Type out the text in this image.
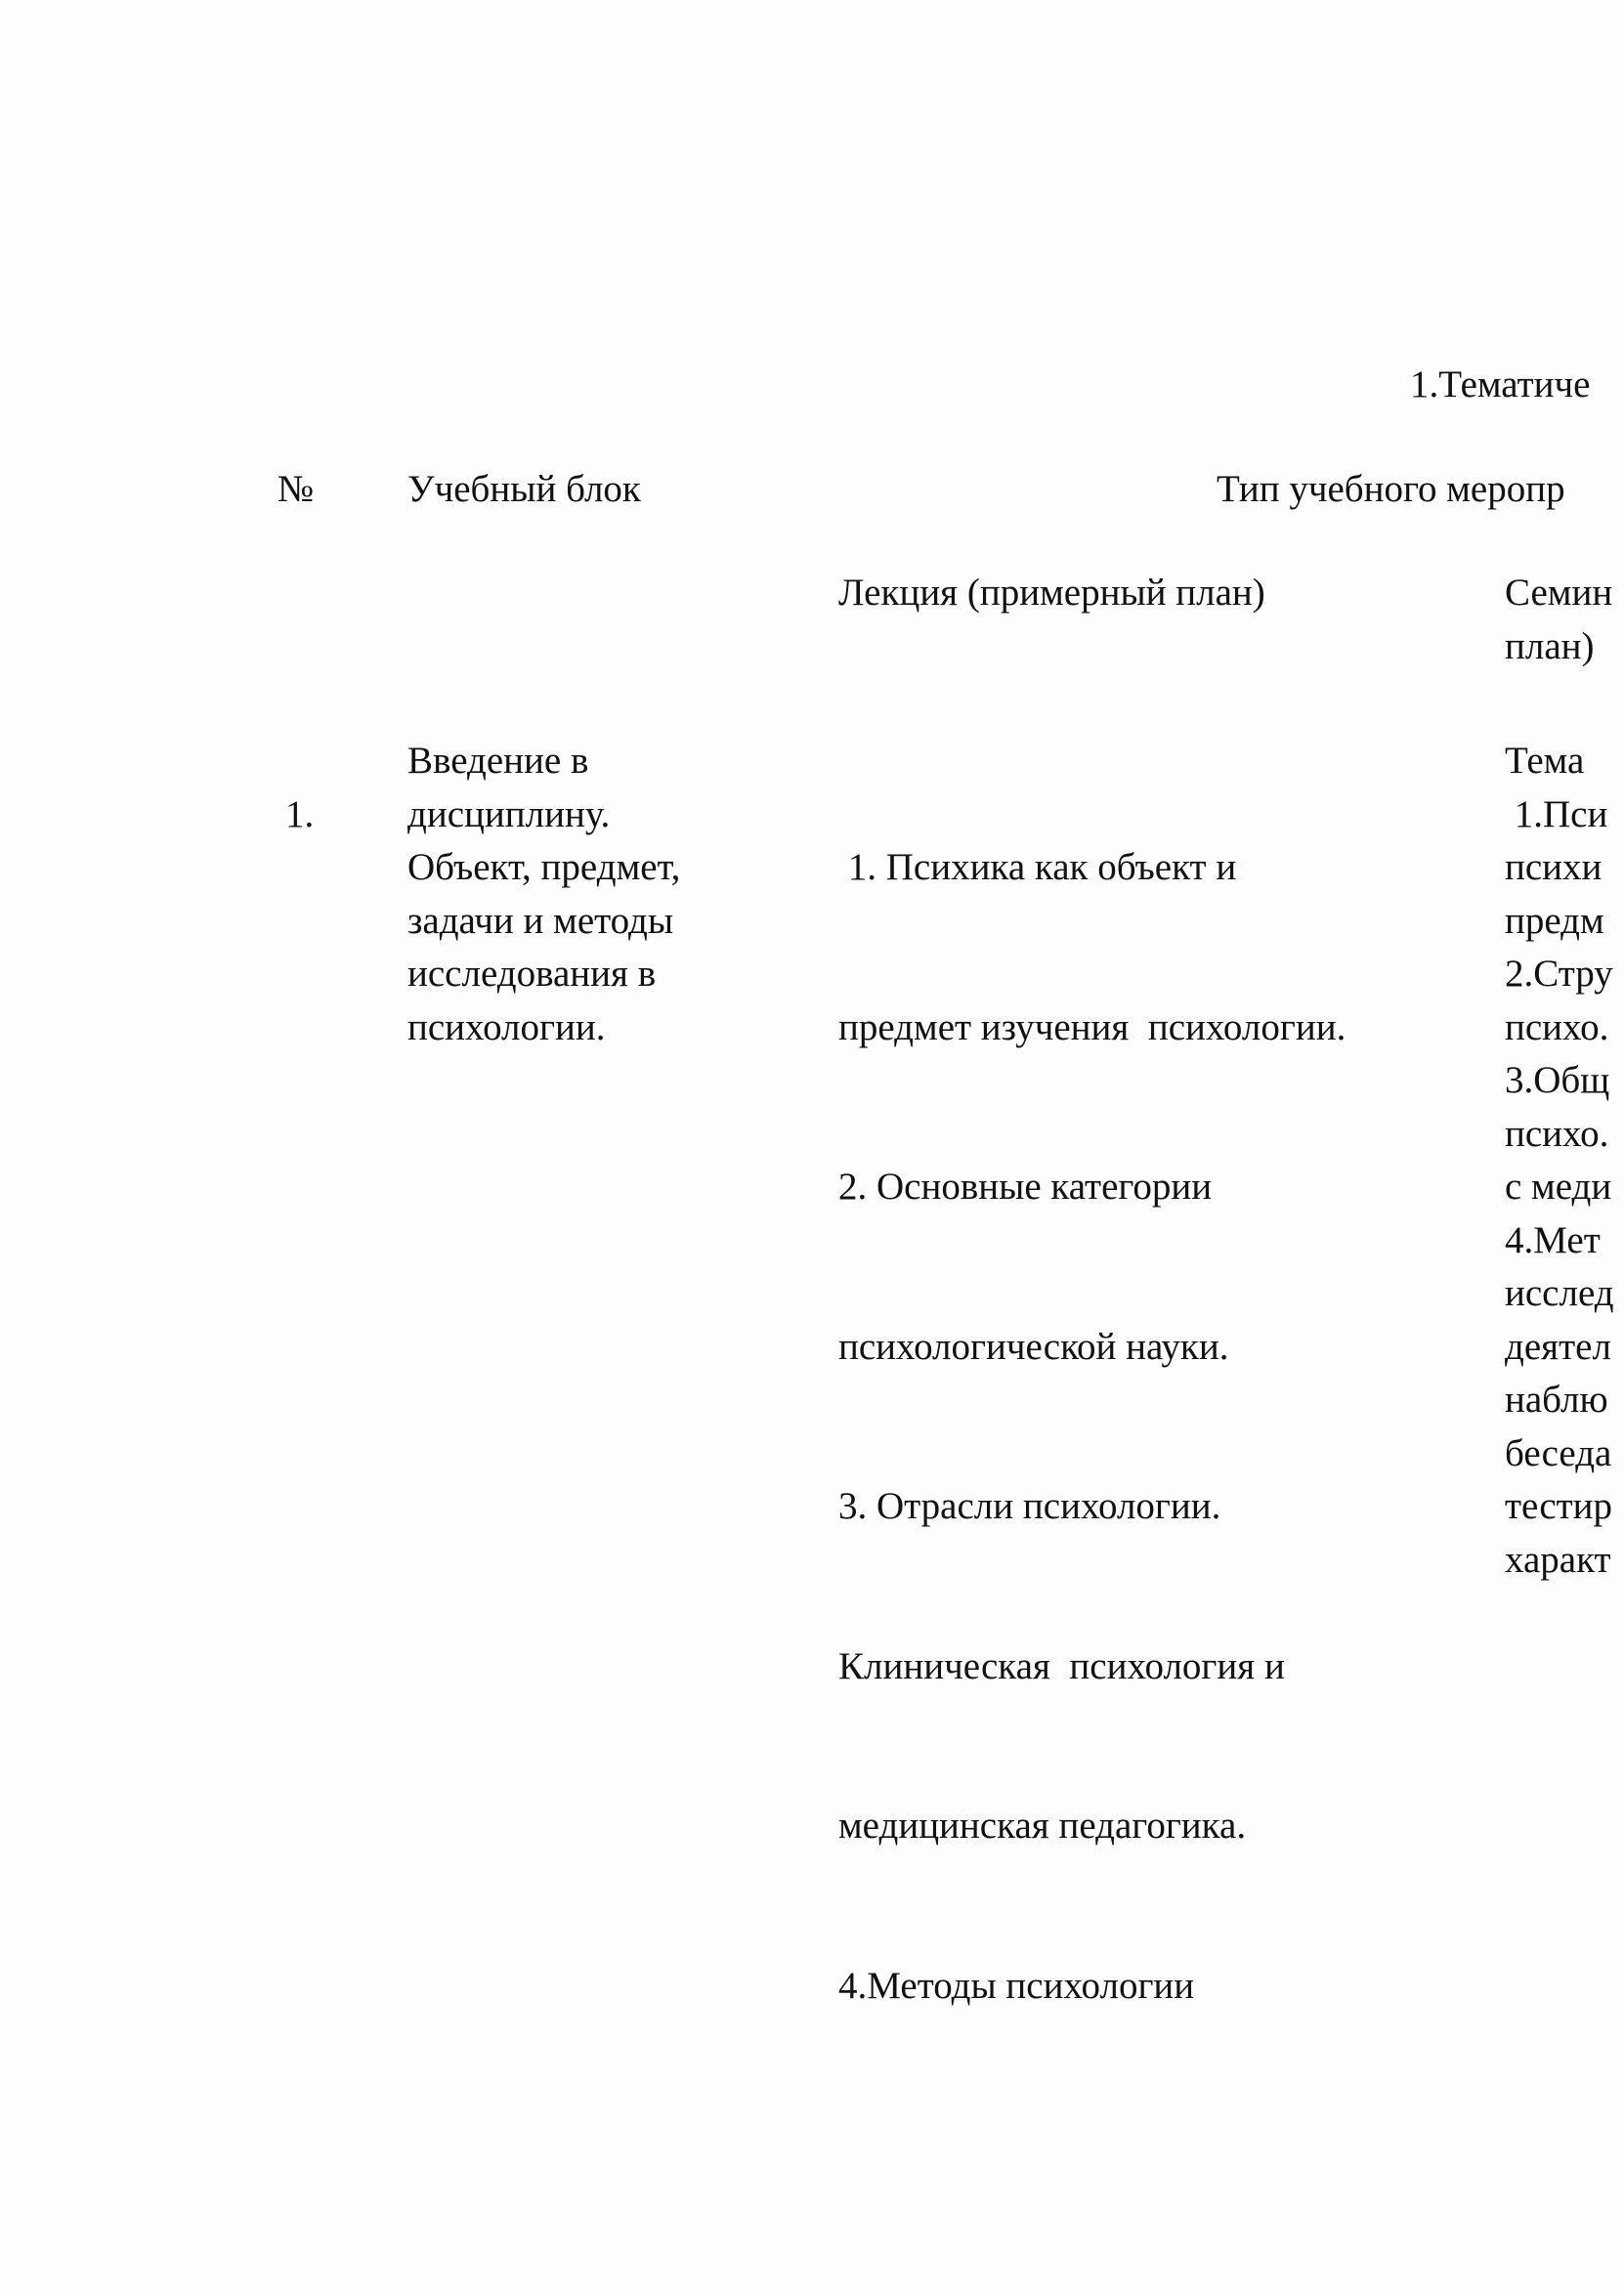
1.Тематиче

№ Учебный блок	Тип учебного меропр

Лекция (примерный план)	Семин
план)

1.

Введение в
дисциплину.
Объект, предмет,
задачи и методы
исследования в
психологии.

1. Психика как объект и

предмет изучения  психологии.

2. Основные категории

психологической науки.

3. Отрасли психологии.

Клиническая  психология и

медицинская педагогика.

4.Методы психологии

Тема
1.Пси
психи
предм
2.Стру
психо.
3.Общ
психо.
с меди
4.Мет
исслед
деятел
наблю
беседа
тестир
характ
